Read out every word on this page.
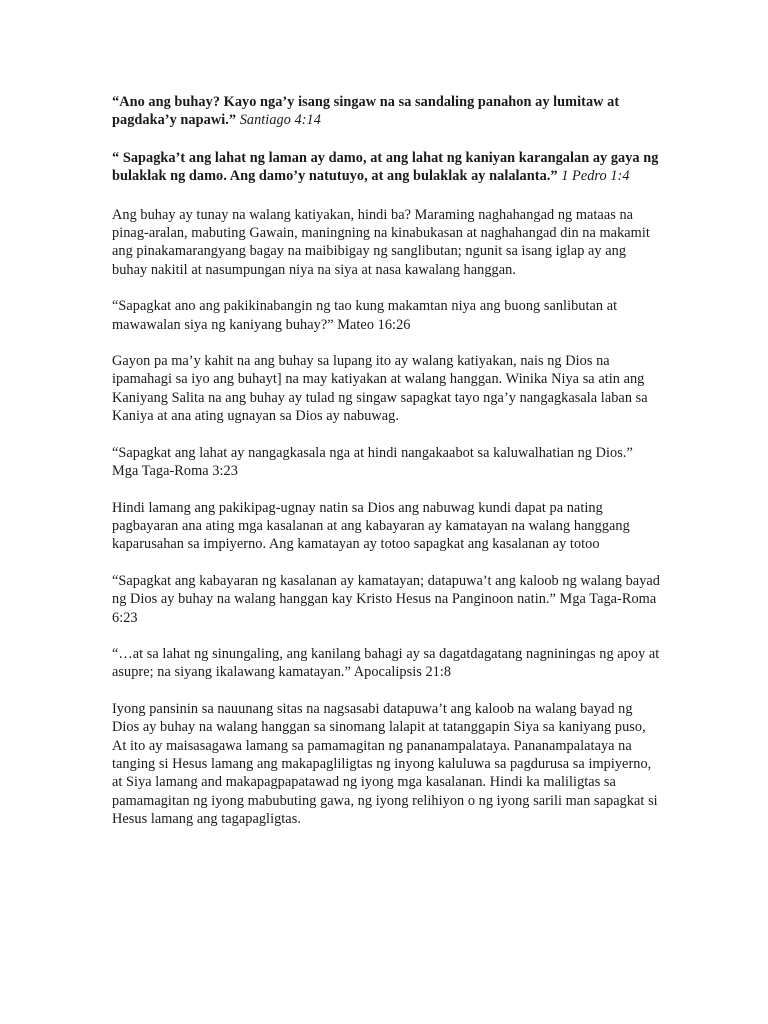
“Ano ang buhay? Kayo nga’y isang singaw na sa sandaling panahon ay lumitaw at pagdaka’y napawi.” Santiago 4:14

“ Sapagka’t ang lahat ng laman ay damo, at ang lahat ng kaniyan karangalan ay gaya ng bulaklak ng damo. Ang damo’y natutuyo, at ang bulaklak ay nalalanta.” 1 Pedro 1:4

Ang buhay ay tunay na walang katiyakan, hindi ba? Maraming naghahangad ng mataas na pinag-aralan, mabuting Gawain, maningning na kinabukasan at naghahangad din na makamit ang pinakamarangyang bagay na maibibigay ng sanglibutan; ngunit sa isang iglap ay ang buhay nakitil at nasumpungan niya na siya at nasa kawalang hanggan.

“Sapagkat ano ang pakikinabangin ng tao kung makamtan niya ang buong sanlibutan at mawawalan siya ng kaniyang buhay?” Mateo 16:26

Gayon pa ma’y kahit na ang buhay sa lupang ito ay walang katiyakan, nais ng Dios na ipamahagi sa iyo ang buhayt] na may katiyakan at walang hanggan. Winika Niya sa atin ang Kaniyang Salita na ang buhay ay tulad ng singaw sapagkat tayo nga’y nangagkasala laban sa Kaniya at ana ating ugnayan sa Dios ay nabuwag.

“Sapagkat ang lahat ay nangagkasala nga at hindi nangakaabot sa kaluwalhatian ng Dios.” Mga Taga-Roma 3:23

Hindi lamang ang pakikipag-ugnay natin sa Dios ang nabuwag kundi dapat pa nating pagbayaran ana ating mga kasalanan at ang kabayaran ay kamatayan na walang hanggang kaparusahan sa impiyerno. Ang kamatayan ay totoo sapagkat ang kasalanan ay totoo

“Sapagkat ang kabayaran ng kasalanan ay kamatayan; datapuwa’t ang kaloob ng walang bayad ng Dios ay buhay na walang hanggan kay Kristo Hesus na Panginoon natin.” Mga Taga-Roma 6:23

“…at sa lahat ng sinungaling, ang kanilang bahagi ay sa dagatdagatang nagniningas ng apoy at asupre; na siyang ikalawang kamatayan.” Apocalipsis 21:8

Iyong pansinin sa nauunang sitas na nagsasabi datapuwa’t ang kaloob na walang bayad ng Dios ay buhay na walang hanggan sa sinomang lalapit at tatanggapin Siya sa kaniyang puso, At ito ay maisasagawa lamang sa pamamagitan ng pananampalataya. Pananampalataya na tanging si Hesus lamang ang makapagliligtas ng inyong kaluluwa sa pagdurusa sa impiyerno, at Siya lamang and makapagpapatawad ng iyong mga kasalanan. Hindi ka maliligtas sa pamamagitan ng iyong mabubuting gawa, ng iyong relihiyon o ng iyong sarili man sapagkat si Hesus lamang ang tagapagligtas.
